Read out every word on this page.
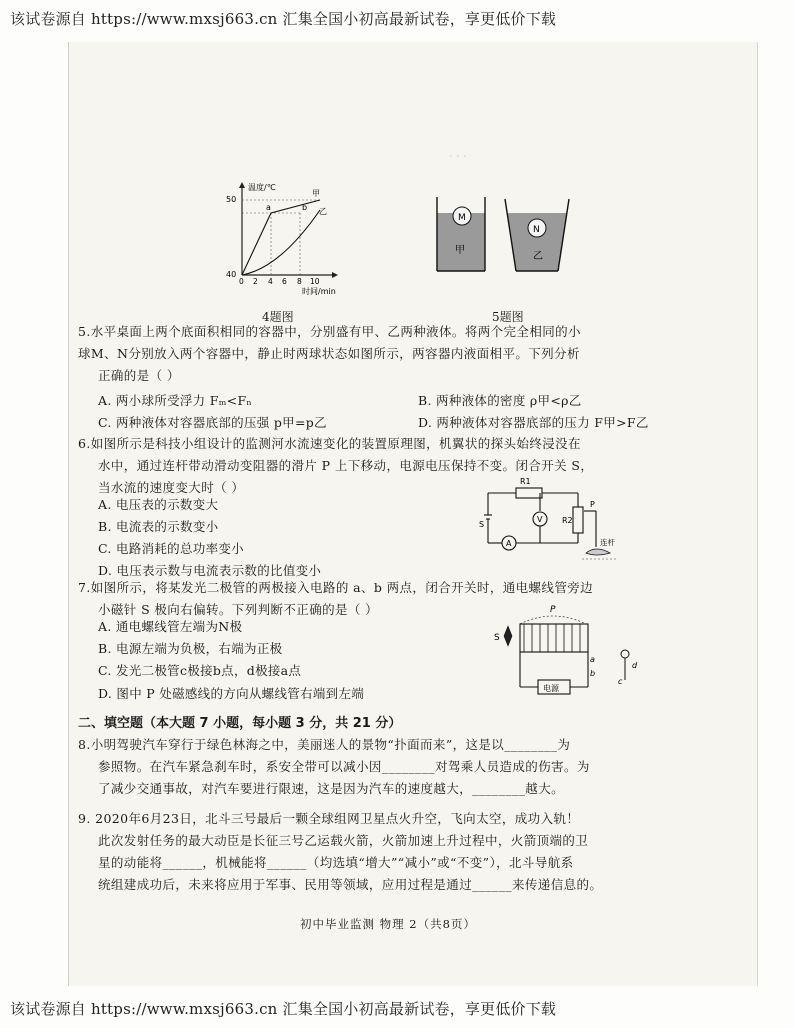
该试卷源自 https://www.mxsj663.cn 汇集全国小初高最新试卷，享更低价下载
· · ·
温度/℃
50
40
a	b
甲
乙
0 2 4 6 8 10
时间/min
4题图
M
甲
N
乙
5题图
5.水平桌面上两个底面积相同的容器中，分别盛有甲、乙两种液体。将两个完全相同的小
球M、N分别放入两个容器中，静止时两球状态如图所示，两容器内液面相平。下列分析
正确的是（ ）
A. 两小球所受浮力 Fₘ<Fₙ	B. 两种液体的密度 ρ甲<ρ乙
C. 两种液体对容器底部的压强 p甲=p乙	D. 两种液体对容器底部的压力 F甲>F乙
6.如图所示是科技小组设计的监测河水流速变化的装置原理图，机翼状的探头始终浸没在
水中，通过连杆带动滑动变阻器的滑片 P 上下移动，电源电压保持不变。闭合开关 S，
当水流的速度变大时（ ）
A. 电压表的示数变大
B. 电流表的示数变小
C. 电路消耗的总功率变小
D. 电压表示数与电流表示数的比值变小
R1
S
A
V R2
P
连杆
7.如图所示，将某发光二极管的两极接入电路的 a、b 两点，闭合开关时，通电螺线管旁边
小磁针 S 极向右偏转。下列判断不正确的是（ ）
A. 通电螺线管左端为N极
B. 电源左端为负极，右端为正极
C. 发光二极管c极接b点，d极接a点
D. 图中 P 处磁感线的方向从螺线管右端到左端
P
S
电源
a
b
d
c
二、填空题（本大题 7 小题，每小题 3 分，共 21 分）
8.小明驾驶汽车穿行于绿色林海之中，美丽迷人的景物“扑面而来”，这是以________为
参照物。在汽车紧急刹车时，系安全带可以减小因________对驾乘人员造成的伤害。为
了减少交通事故，对汽车要进行限速，这是因为汽车的速度越大，________越大。
9. 2020年6月23日，北斗三号最后一颗全球组网卫星点火升空，飞向太空，成功入轨！
此次发射任务的最大动臣是长征三号乙运载火箭，火箭加速上升过程中，火箭顶端的卫
星的动能将______，机械能将______（均选填“增大”“减小”或“不变”），北斗导航系
统组建成功后，未来将应用于军事、民用等领域，应用过程是通过______来传递信息的。
初中毕业监测 物理 2（共8页）
该试卷源自 https://www.mxsj663.cn 汇集全国小初高最新试卷，享更低价下载
